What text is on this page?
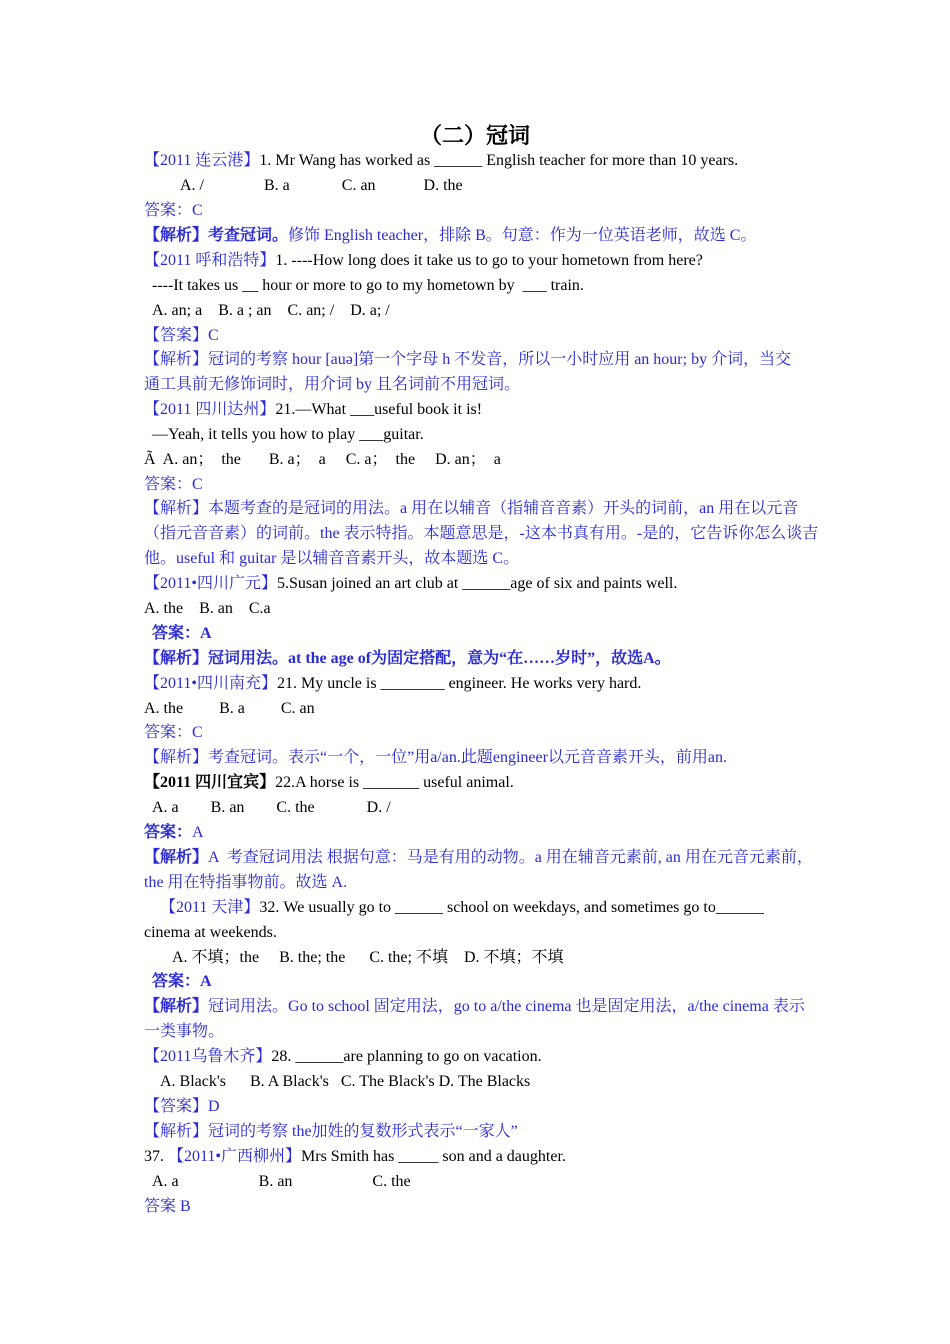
（二）冠词
【2011 连云港】1. Mr Wang has worked as ______ English teacher for more than 10 years.
A. /               B. a             C. an            D. the
答案：C
【解析】考查冠词。修饰 English teacher，排除 B。句意：作为一位英语老师，故选 C。
【2011 呼和浩特】1. ----How long does it take us to go to your hometown from here?
----It takes us __ hour or more to go to my hometown by  ___ train.
A. an; a    B. a ; an    C. an; /    D. a; /
【答案】C
【解析】冠词的考察 hour [auə]第一个字母 h 不发音，所以一小时应用 an hour; by 介词，当交
通工具前无修饰词时，用介词 by 且名词前不用冠词。
【2011 四川达州】21.—What ___useful book it is!
—Yeah, it tells you how to play ___guitar.
Ã  A. an；  the       B. a；  a     C. a；  the     D. an；  a
答案：C
【解析】本题考查的是冠词的用法。a 用在以辅音（指辅音音素）开头的词前，an 用在以元音
（指元音音素）的词前。the 表示特指。本题意思是，-这本书真有用。-是的，它告诉你怎么谈吉
他。useful 和 guitar 是以辅音音素开头，故本题选 C。
【2011•四川广元】5.Susan joined an art club at ______age of six and paints well.
A. the    B. an    C.a
答案：A
【解析】冠词用法。at the age of为固定搭配，意为“在……岁时”，故选A。
【2011•四川南充】21. My uncle is ________ engineer. He works very hard.
A. the         B. a         C. an
答案：C
【解析】考查冠词。表示“一个，一位”用a/an.此题engineer以元音音素开头，前用an.
【2011 四川宜宾】22.A horse is _______ useful animal.
A. a        B. an        C. the             D. /
答案：A
【解析】A  考查冠词用法 根据句意：马是有用的动物。a 用在辅音元素前, an 用在元音元素前，
the 用在特指事物前。故选 A.
【2011 天津】32. We usually go to ______ school on weekdays, and sometimes go to______
cinema at weekends.
A. 不填；the     B. the; the      C. the; 不填    D. 不填；不填
答案：A
【解析】冠词用法。Go to school 固定用法，go to a/the cinema 也是固定用法，a/the cinema 表示
一类事物。
【2011乌鲁木齐】28. ______are planning to go on vacation.
A. Black's      B. A Black's   C. The Black's D. The Blacks
【答案】D
【解析】冠词的考察 the加姓的复数形式表示“一家人”
37. 【2011•广西柳州】Mrs Smith has _____ son and a daughter.
A. a                    B. an                    C. the
答案 B
